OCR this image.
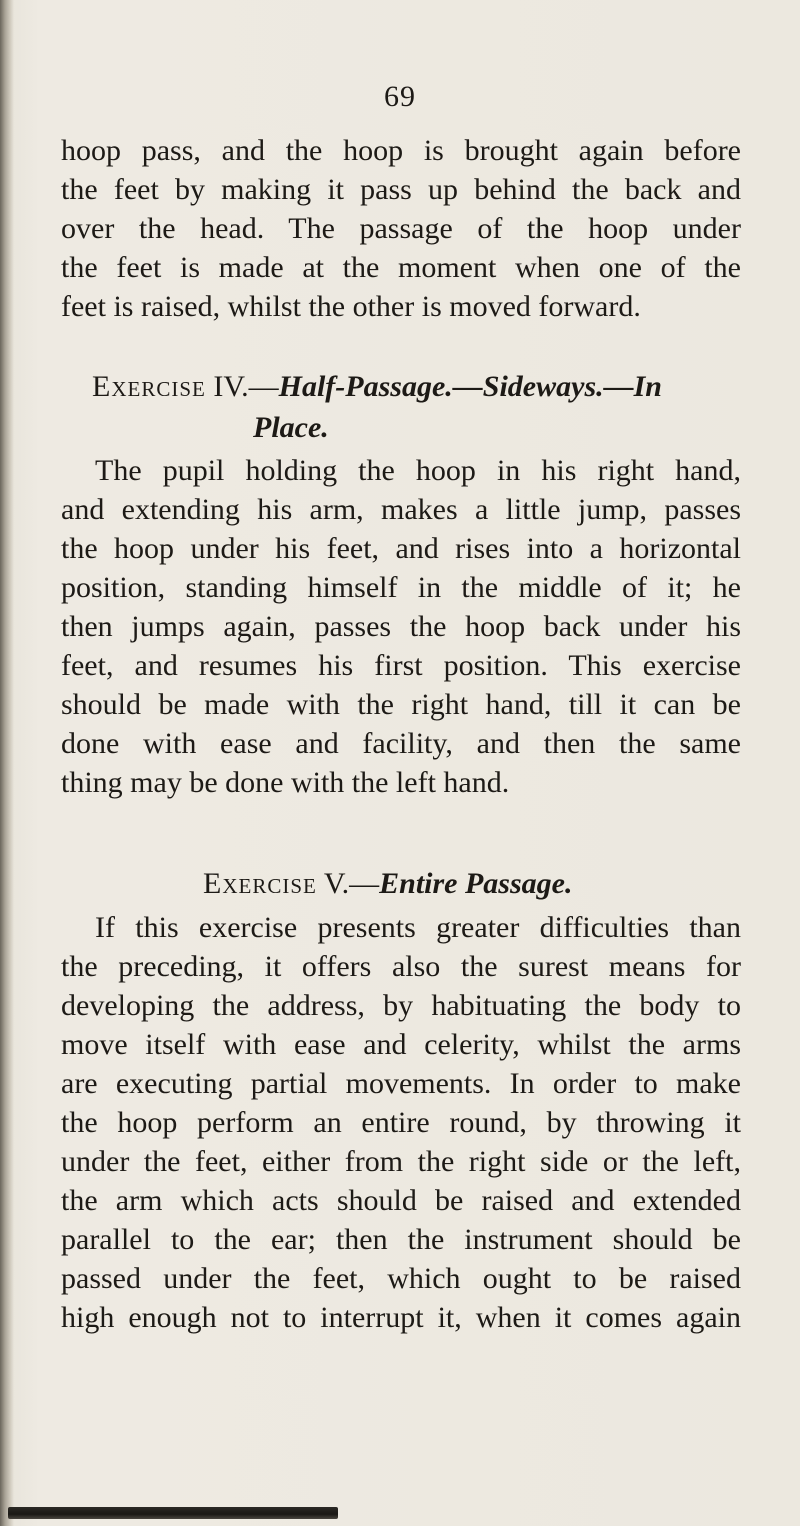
69
hoop pass, and the hoop is brought again before
the feet by making it pass up behind the back and
over the head. The passage of the hoop under
the feet is made at the moment when one of the
feet is raised, whilst the other is moved forward.
Exercise IV.—Half-Passage.—Sideways.—In
Place.
The pupil holding the hoop in his right hand,
and extending his arm, makes a little jump, passes
the hoop under his feet, and rises into a horizontal
position, standing himself in the middle of it; he
then jumps again, passes the hoop back under his
feet, and resumes his first position. This exercise
should be made with the right hand, till it can be
done with ease and facility, and then the same
thing may be done with the left hand.
Exercise V.—Entire Passage.
If this exercise presents greater difficulties than
the preceding, it offers also the surest means for
developing the address, by habituating the body to
move itself with ease and celerity, whilst the arms
are executing partial movements. In order to make
the hoop perform an entire round, by throwing it
under the feet, either from the right side or the left,
the arm which acts should be raised and extended
parallel to the ear; then the instrument should be
passed under the feet, which ought to be raised
high enough not to interrupt it, when it comes again
